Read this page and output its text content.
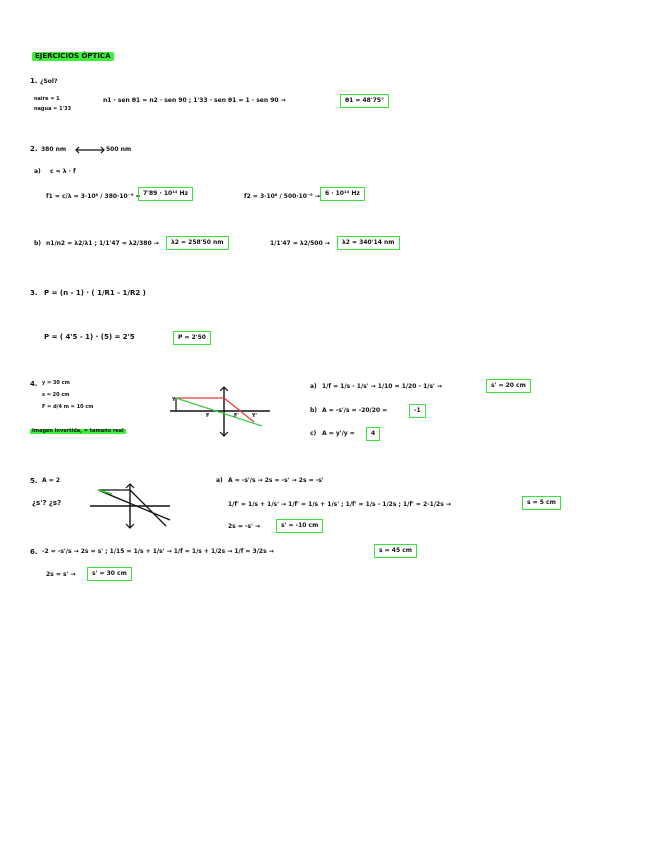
EJERCICIOS ÓPTICA
1. ¿Sol?
naire = 1
nagua = 1'33
n1 · sen θ1 = n2 · sen 90 ; 1'33 · sen θ1 = 1 · sen 90 →	θ1 = 48'75°
2. 380 nm	500 nm
a) c = λ · f
f1 = c/λ = 3·10⁸ / 380·10⁻⁹ = 7'89 · 10¹⁴ Hz	f2 = 3·10⁸ / 500·10⁻⁹ → 6 · 10¹⁴ Hz
b) n1/n2 = λ2/λ1 ; 1/1'47 = λ2/380 →	λ2 = 258'50 nm	1/1'47 = λ2/500 →	λ2 = 340'14 nm
3. P = (n - 1) · ( 1/R1 - 1/R2 )
P = ( 4'5 - 1) · (5) = 2'5	P = 2'50
4. y = 30 cm
s = 20 cm
F = d/4 m = 10 cm
Imagen invertida, = tamaño real
Y
F	F'	Y'
a) 1/f = 1/s - 1/s' → 1/10 = 1/20 - 1/s' →	s' = 20 cm
b) A = -s'/s = -20/20 =	-1
c) A = y'/y =	4
5. A = 2
¿s'? ¿s?
a) A = -s'/s → 2s = -s' → 2s = -s'
1/f' = 1/s + 1/s' → 1/f' = 1/s + 1/s' ; 1/f' = 1/s - 1/2s ; 1/f' = 2-1/2s →	s = 5 cm
2s = -s' →	s' = -10 cm
6. -2 = -s'/s → 2s = s' ; 1/15 = 1/s + 1/s' → 1/f = 1/s + 1/2s → 1/f = 3/2s →	s = 45 cm
2s = s' →	s' = 30 cm
